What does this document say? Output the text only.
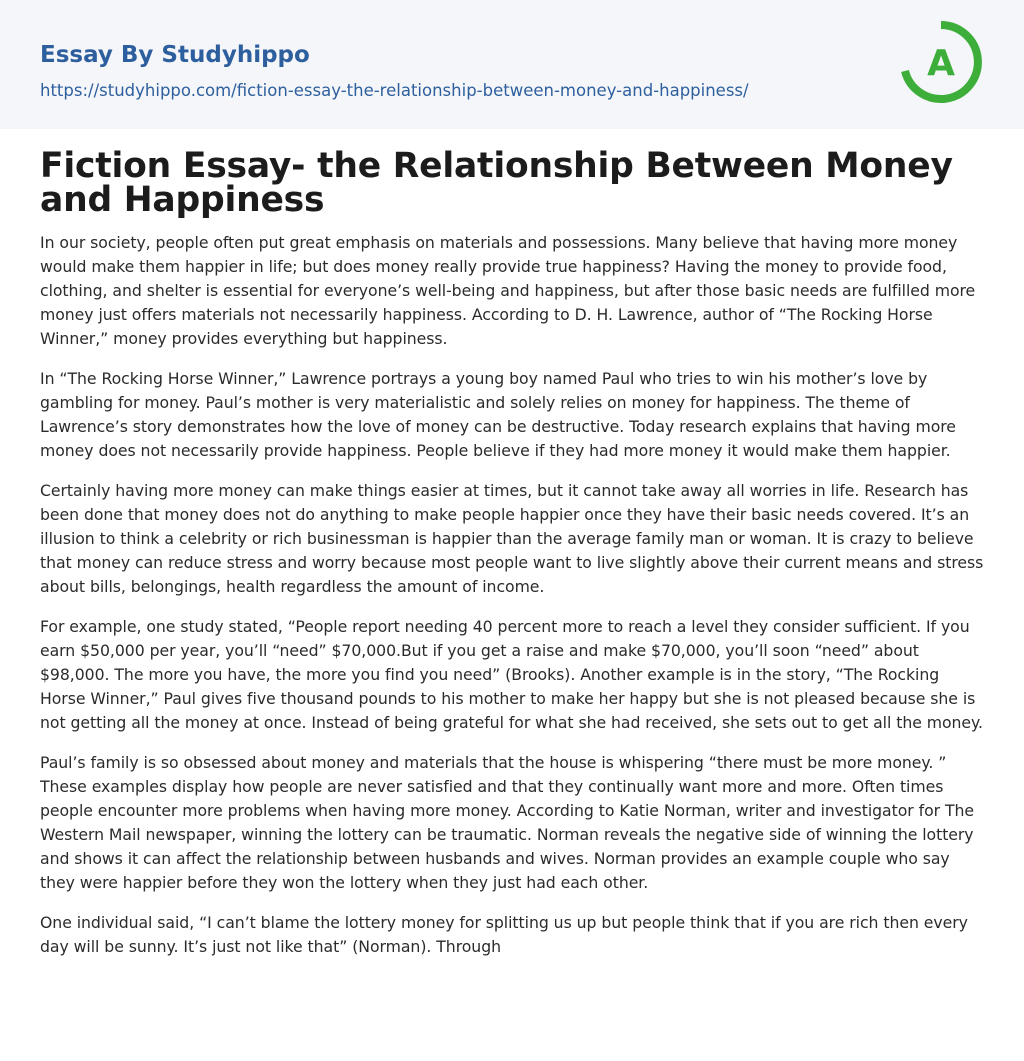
Essay By Studyhippo
https://studyhippo.com/fiction-essay-the-relationship-between-money-and-happiness/
A
Fiction Essay- the Relationship Between Money and Happiness

In our society, people often put great emphasis on materials and possessions. Many believe that having more money would make them happier in life; but does money really provide true happiness? Having the money to provide food, clothing, and shelter is essential for everyone’s well-being and happiness, but after those basic needs are fulfilled more money just offers materials not necessarily happiness. According to D. H. Lawrence, author of “The Rocking Horse Winner,” money provides everything but happiness.

In “The Rocking Horse Winner,” Lawrence portrays a young boy named Paul who tries to win his mother’s love by gambling for money. Paul’s mother is very materialistic and solely relies on money for happiness. The theme of Lawrence’s story demonstrates how the love of money can be destructive. Today research explains that having more money does not necessarily provide happiness. People believe if they had more money it would make them happier.

Certainly having more money can make things easier at times, but it cannot take away all worries in life. Research has been done that money does not do anything to make people happier once they have their basic needs covered. It’s an illusion to think a celebrity or rich businessman is happier than the average family man or woman. It is crazy to believe that money can reduce stress and worry because most people want to live slightly above their current means and stress about bills, belongings, health regardless the amount of income.

For example, one study stated, “People report needing 40 percent more to reach a level they consider sufficient. If you earn $50,000 per year, you’ll “need” $70,000.But if you get a raise and make $70,000, you’ll soon “need” about $98,000. The more you have, the more you find you need” (Brooks). Another example is in the story, “The Rocking Horse Winner,” Paul gives five thousand pounds to his mother to make her happy but she is not pleased because she is not getting all the money at once. Instead of being grateful for what she had received, she sets out to get all the money.

Paul’s family is so obsessed about money and materials that the house is whispering “there must be more money. ” These examples display how people are never satisfied and that they continually want more and more. Often times people encounter more problems when having more money. According to Katie Norman, writer and investigator for The Western Mail newspaper, winning the lottery can be traumatic. Norman reveals the negative side of winning the lottery and shows it can affect the relationship between husbands and wives. Norman provides an example couple who say they were happier before they won the lottery when they just had each other.

One individual said, “I can’t blame the lottery money for splitting us up but people think that if you are rich then every day will be sunny. It’s just not like that” (Norman). Through
